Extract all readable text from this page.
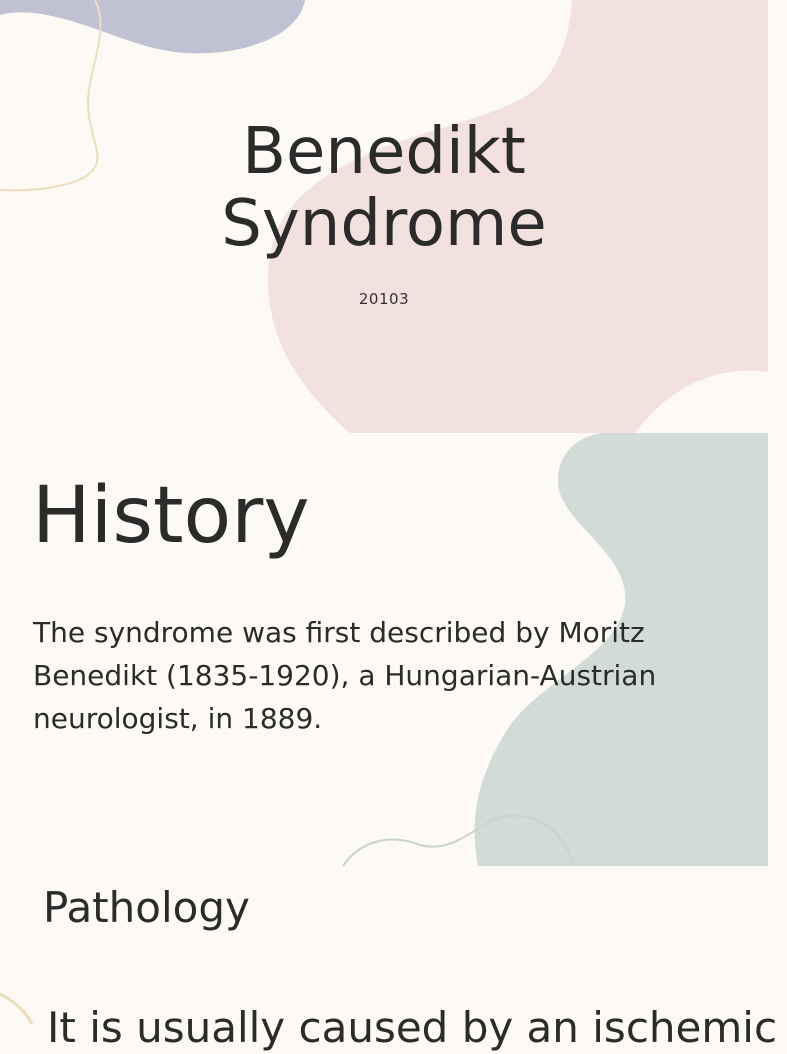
Benedikt
Syndrome
20103
History

The syndrome was first described by Moritz Benedikt (1835-1920), a Hungarian-Austrian neurologist, in 1889.

Pathology

It is usually caused by an ischemic
